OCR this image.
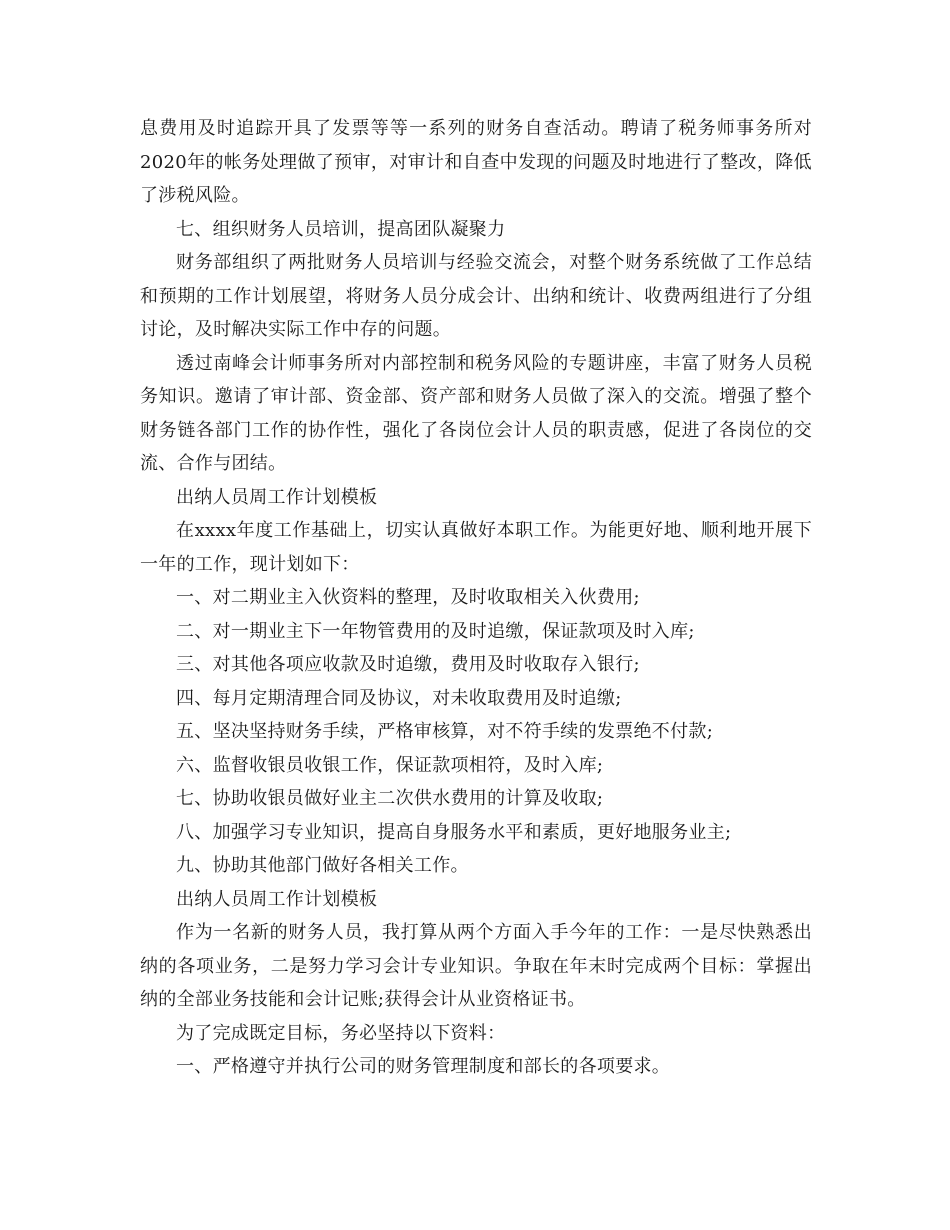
息费用及时追踪开具了发票等等一系列的财务自查活动。聘请了税务师事务所对2020年的帐务处理做了预审，对审计和自查中发现的问题及时地进行了整改，降低了涉税风险。

七、组织财务人员培训，提高团队凝聚力

财务部组织了两批财务人员培训与经验交流会，对整个财务系统做了工作总结和预期的工作计划展望，将财务人员分成会计、出纳和统计、收费两组进行了分组讨论，及时解决实际工作中存的问题。

透过南峰会计师事务所对内部控制和税务风险的专题讲座，丰富了财务人员税务知识。邀请了审计部、资金部、资产部和财务人员做了深入的交流。增强了整个财务链各部门工作的协作性，强化了各岗位会计人员的职责感，促进了各岗位的交流、合作与团结。

出纳人员周工作计划模板

在xxxx年度工作基础上，切实认真做好本职工作。为能更好地、顺利地开展下一年的工作，现计划如下：

一、对二期业主入伙资料的整理，及时收取相关入伙费用;

二、对一期业主下一年物管费用的及时追缴，保证款项及时入库;

三、对其他各项应收款及时追缴，费用及时收取存入银行;

四、每月定期清理合同及协议，对未收取费用及时追缴;

五、坚决坚持财务手续，严格审核算，对不符手续的发票绝不付款;

六、监督收银员收银工作，保证款项相符，及时入库;

七、协助收银员做好业主二次供水费用的计算及收取;

八、加强学习专业知识，提高自身服务水平和素质，更好地服务业主;

九、协助其他部门做好各相关工作。

出纳人员周工作计划模板

作为一名新的财务人员，我打算从两个方面入手今年的工作：一是尽快熟悉出纳的各项业务，二是努力学习会计专业知识。争取在年末时完成两个目标：掌握出纳的全部业务技能和会计记账;获得会计从业资格证书。

为了完成既定目标，务必坚持以下资料：

一、严格遵守并执行公司的财务管理制度和部长的各项要求。
